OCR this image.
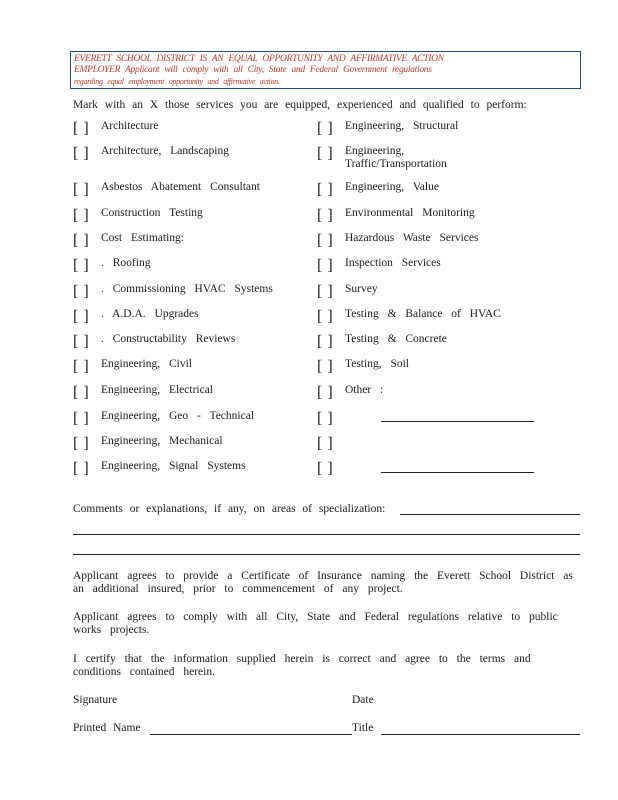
EVERETT SCHOOL DISTRICT IS AN EQUAL OPPORTUNITY AND AFFIRMATIVE ACTION
EMPLOYER Applicant will comply with all City, State and Federal Government regulations
regarding equal employment opportunity and affirmative action.
Mark with an X those services you are equipped, experienced and qualified to perform:
[ ] Architecture	[ ] Engineering, Structural
[ ] Architecture, Landscaping	[ ] Engineering, Traffic/Transportation
[ ] Asbestos Abatement Consultant	[ ] Engineering, Value
[ ] Construction Testing	[ ] Environmental Monitoring
[ ] Cost Estimating:	[ ] Hazardous Waste Services
[ ] . Roofing	[ ] Inspection Services
[ ] . Commissioning HVAC Systems	[ ] Survey
[ ] . A.D.A. Upgrades	[ ] Testing & Balance of HVAC
[ ] . Constructability Reviews	[ ] Testing & Concrete
[ ] Engineering, Civil	[ ] Testing, Soil
[ ] Engineering, Electrical	[ ] Other :
[ ] Engineering, Geo - Technical	[ ]
[ ] Engineering, Mechanical	[ ]
[ ] Engineering, Signal Systems	[ ]
Comments or explanations, if any, on areas of specialization:
Applicant agrees to provide a Certificate of Insurance naming the Everett School District as an additional insured, prior to commencement of any project.
Applicant agrees to comply with all City, State and Federal regulations relative to public works projects.
I certify that the information supplied herein is correct and agree to the terms and conditions contained herein.
Signature	Date
Printed Name	Title
